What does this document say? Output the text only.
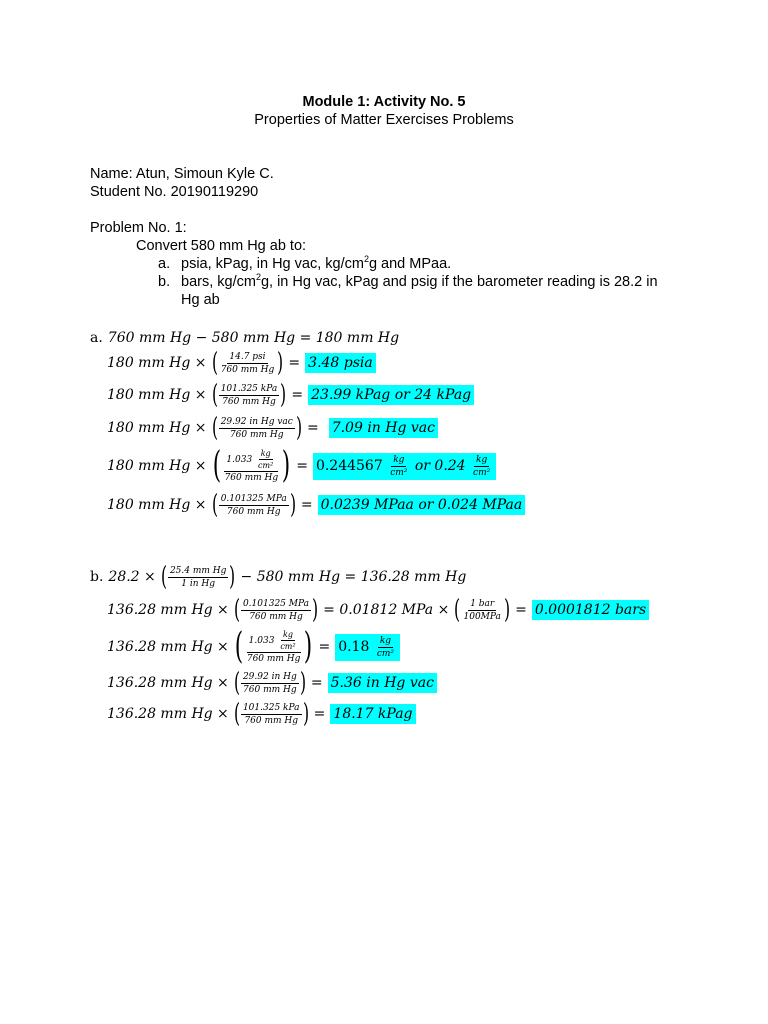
Module 1: Activity No. 5
Properties of Matter Exercises Problems
Name: Atun, Simoun Kyle C.
Student No. 20190119290
Problem No. 1:
Convert 580 mm Hg ab to:
a. psia, kPag, in Hg vac, $kg/cm^2g$ and MPaa.
b. bars, $kg/cm^2g$, in Hg vac, kPag and psig if the barometer reading is 28.2 in
Hg ab
a. 760 mm Hg − 580 mm Hg = 180 mm Hg
180 mm Hg × ( $\frac{\text{14.7 psi}}{\text{760 mm Hg}}$ ) = 3.48 psia
180 mm Hg × ( $\frac{\text{101.325 kPa}}{\text{760 mm Hg}}$ ) = 23.99 kPag or 24 kPag
180 mm Hg × ( $\frac{\text{29.92 in Hg vac}}{\text{760 mm Hg}}$ ) = 7.09 in Hg vac
180 mm Hg × ( 1.033
$\frac{kg}{\text{cm²}}$
760 mm Hg ) = 0.244567
$\frac{kg}{\text{cm²}}$
or 0.24
$\frac{kg}{\text{cm²}}$
180 mm Hg × ( $\frac{\text{0.101325 MPa}}{\text{760 mm Hg}}$ ) = 0.0239 MPaa or 0.024 MPaa
b. 28.2 × ( $\frac{\text{25.4 mm Hg}}{\text{1 in Hg}}$ ) − 580 mm Hg = 136.28 mm Hg
136.28 mm Hg × ( $\frac{\text{0.101325 MPa}}{\text{760 mm Hg}}$ ) = 0.01812 MPa × ( $\frac{\text{1 bar}}{\text{100MPa}}$ ) = 0.0001812 bars
136.28 mm Hg × ( 1.033
$\frac{kg}{\text{cm²}}$
760 mm Hg ) = 0.18
$\frac{kg}{\text{cm²}}$
136.28 mm Hg × ( $\frac{\text{29.92 in Hg}}{\text{760 mm Hg}}$ ) = 5.36 in Hg vac
136.28 mm Hg × ( $\frac{\text{101.325 kPa}}{\text{760 mm Hg}}$ ) = 18.17 kPag
